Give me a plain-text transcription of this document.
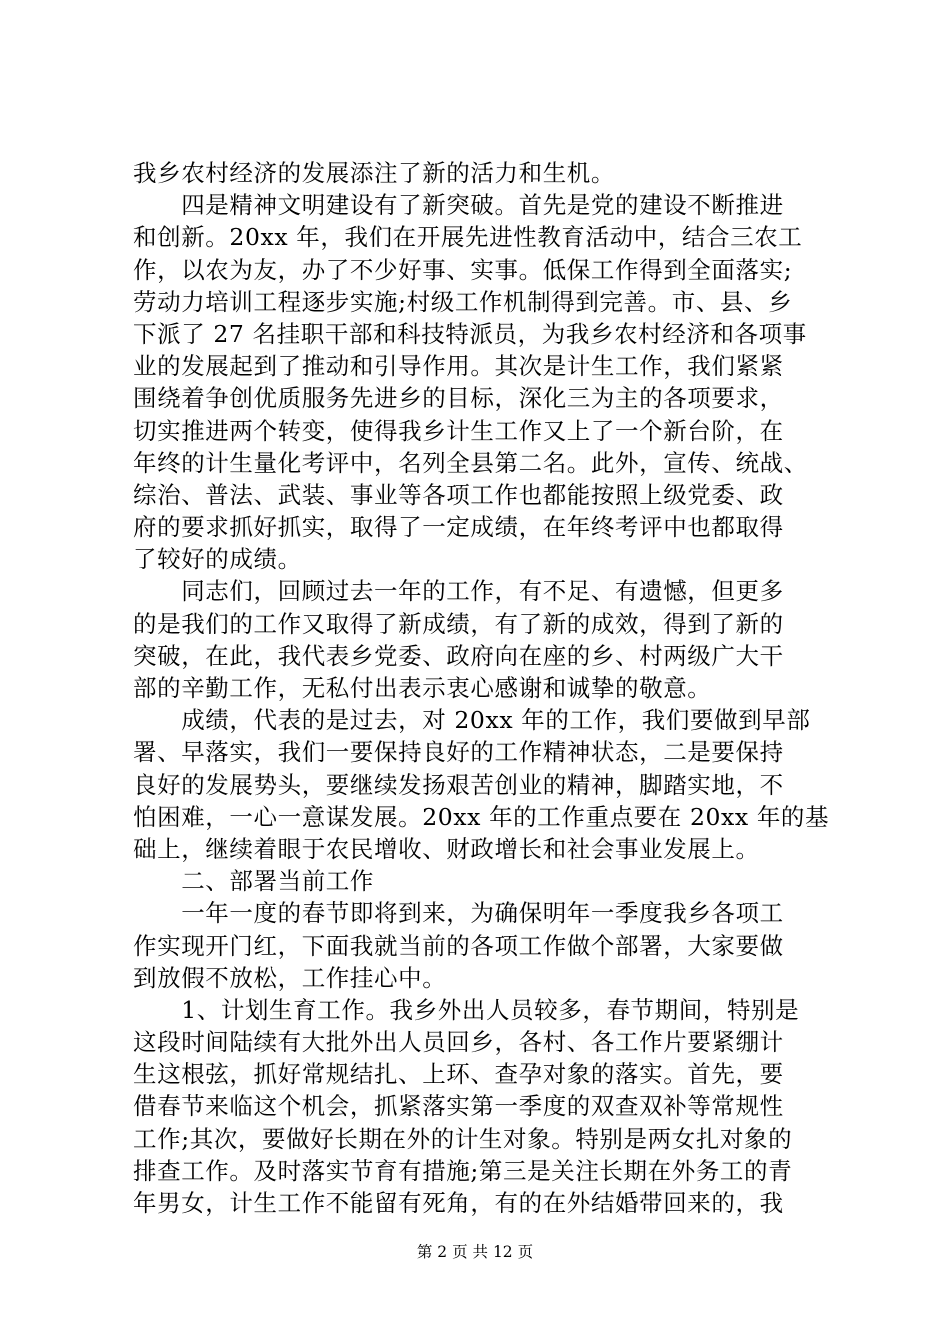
我乡农村经济的发展添注了新的活力和生机。
　　四是精神文明建设有了新突破。首先是党的建设不断推进
和创新。20xx 年，我们在开展先进性教育活动中，结合三农工
作，以农为友，办了不少好事、实事。低保工作得到全面落实;
劳动力培训工程逐步实施;村级工作机制得到完善。市、县、乡
下派了 27 名挂职干部和科技特派员，为我乡农村经济和各项事
业的发展起到了推动和引导作用。其次是计生工作，我们紧紧
围绕着争创优质服务先进乡的目标，深化三为主的各项要求，
切实推进两个转变，使得我乡计生工作又上了一个新台阶，在
年终的计生量化考评中，名列全县第二名。此外，宣传、统战、
综治、普法、武装、事业等各项工作也都能按照上级党委、政
府的要求抓好抓实，取得了一定成绩，在年终考评中也都取得
了较好的成绩。
　　同志们，回顾过去一年的工作，有不足、有遗憾，但更多
的是我们的工作又取得了新成绩，有了新的成效，得到了新的
突破，在此，我代表乡党委、政府向在座的乡、村两级广大干
部的辛勤工作，无私付出表示衷心感谢和诚挚的敬意。
　　成绩，代表的是过去，对 20xx 年的工作，我们要做到早部
署、早落实，我们一要保持良好的工作精神状态，二是要保持
良好的发展势头，要继续发扬艰苦创业的精神，脚踏实地，不
怕困难，一心一意谋发展。20xx 年的工作重点要在 20xx 年的基
础上，继续着眼于农民增收、财政增长和社会事业发展上。
　　二、部署当前工作
　　一年一度的春节即将到来，为确保明年一季度我乡各项工
作实现开门红，下面我就当前的各项工作做个部署，大家要做
到放假不放松，工作挂心中。
　　1、计划生育工作。我乡外出人员较多，春节期间，特别是
这段时间陆续有大批外出人员回乡，各村、各工作片要紧绷计
生这根弦，抓好常规结扎、上环、查孕对象的落实。首先，要
借春节来临这个机会，抓紧落实第一季度的双查双补等常规性
工作;其次，要做好长期在外的计生对象。特别是两女扎对象的
排查工作。及时落实节育有措施;第三是关注长期在外务工的青
年男女，计生工作不能留有死角，有的在外结婚带回来的，我
第 2 页 共 12 页
